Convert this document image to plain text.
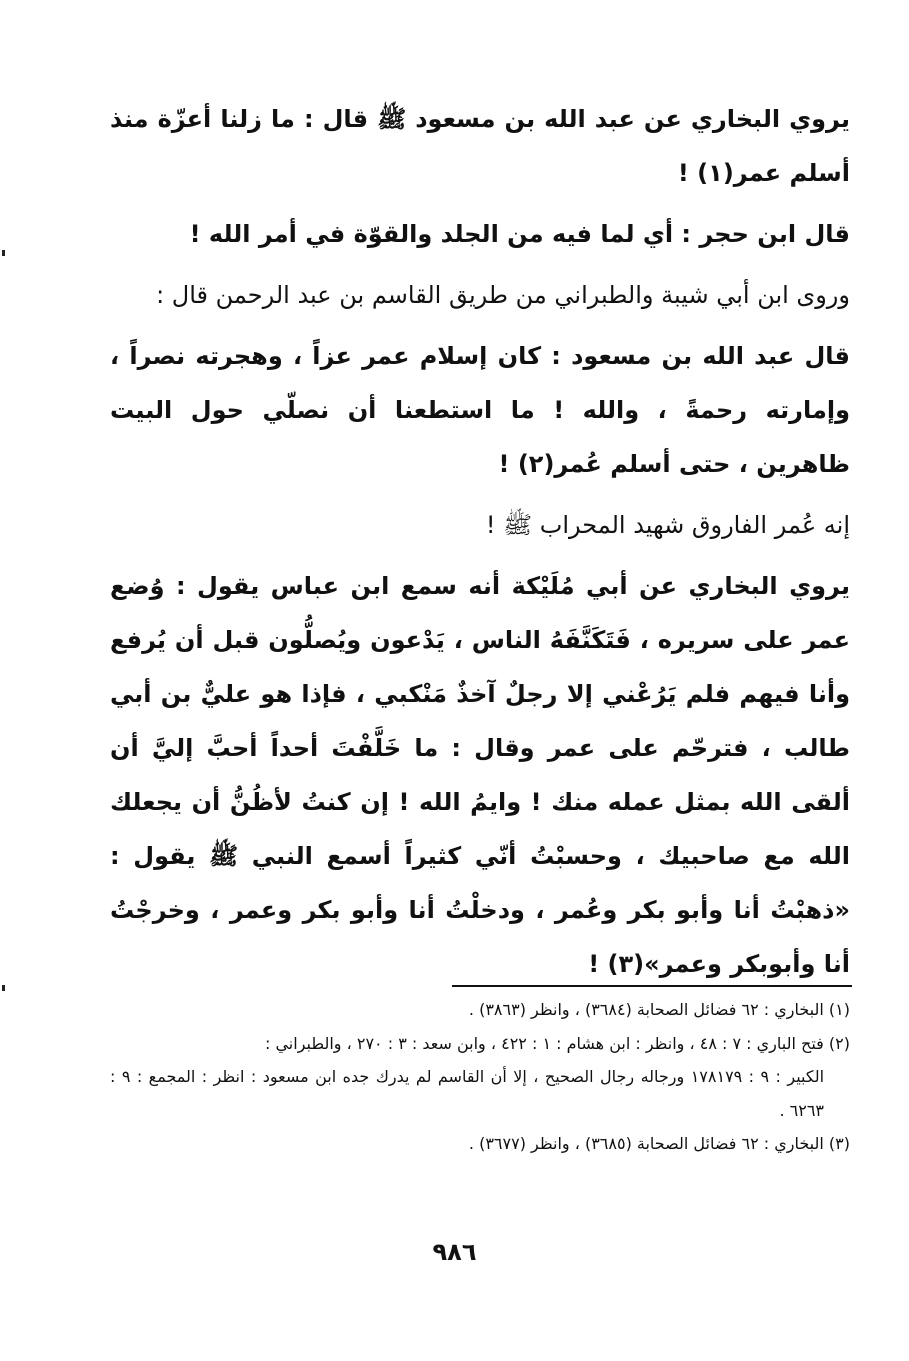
يروي البخاري عن عبد الله بن مسعود ﷺ قال : ما زلنا أعزّة منذ أسلم عمر(١) !

قال ابن حجر : أي لما فيه من الجلد والقوّة في أمر الله !

وروى ابن أبي شيبة والطبراني من طريق القاسم بن عبد الرحمن قال :

قال عبد الله بن مسعود : كان إسلام عمر عزاً ، وهجرته نصراً ، وإمارته رحمةً ، والله ! ما استطعنا أن نصلّي حول البيت ظاهرين ، حتى أسلم عُمر(٢) !

إنه عُمر الفاروق شهيد المحراب ﷺ !

يروي البخاري عن أبي مُلَيْكة أنه سمع ابن عباس يقول : وُضع عمر على سريره ، فَتَكَنَّفَهُ الناس ، يَدْعون ويُصلُّون قبل أن يُرفع وأنا فيهم فلم يَرُعْني إلا رجلٌ آخذٌ مَنْكبي ، فإذا هو عليٌّ بن أبي طالب ، فترحّم على عمر وقال : ما خَلَّفْتَ أحداً أحبَّ إليَّ أن ألقى الله بمثل عمله منك ! وايمُ الله ! إن كنتُ لأظُنُّ أن يجعلك الله مع صاحبيك ، وحسبْتُ أنّي كثيراً أسمع النبي ﷺ يقول : «ذهبْتُ أنا وأبو بكر وعُمر ، ودخلْتُ أنا وأبو بكر وعمر ، وخرجْتُ أنا وأبوبكر وعمر»(٣) !

(١) البخاري : ٦٢ فضائل الصحابة (٣٦٨٤) ، وانظر (٣٨٦٣) .

(٢) فتح الباري : ٧ : ٤٨ ، وانظر : ابن هشام : ١ : ٤٢٢ ، وابن سعد : ٣ : ٢٧٠ ، والطبراني :

الكبير : ٩ : ١٧٨١٧٩ ورجاله رجال الصحيح ، إلا أن القاسم لم يدرك جده ابن مسعود : انظر : المجمع : ٩ : ٦٢٦٣ .

(٣) البخاري : ٦٢ فضائل الصحابة (٣٦٨٥) ، وانظر (٣٦٧٧) .

٩٨٦
